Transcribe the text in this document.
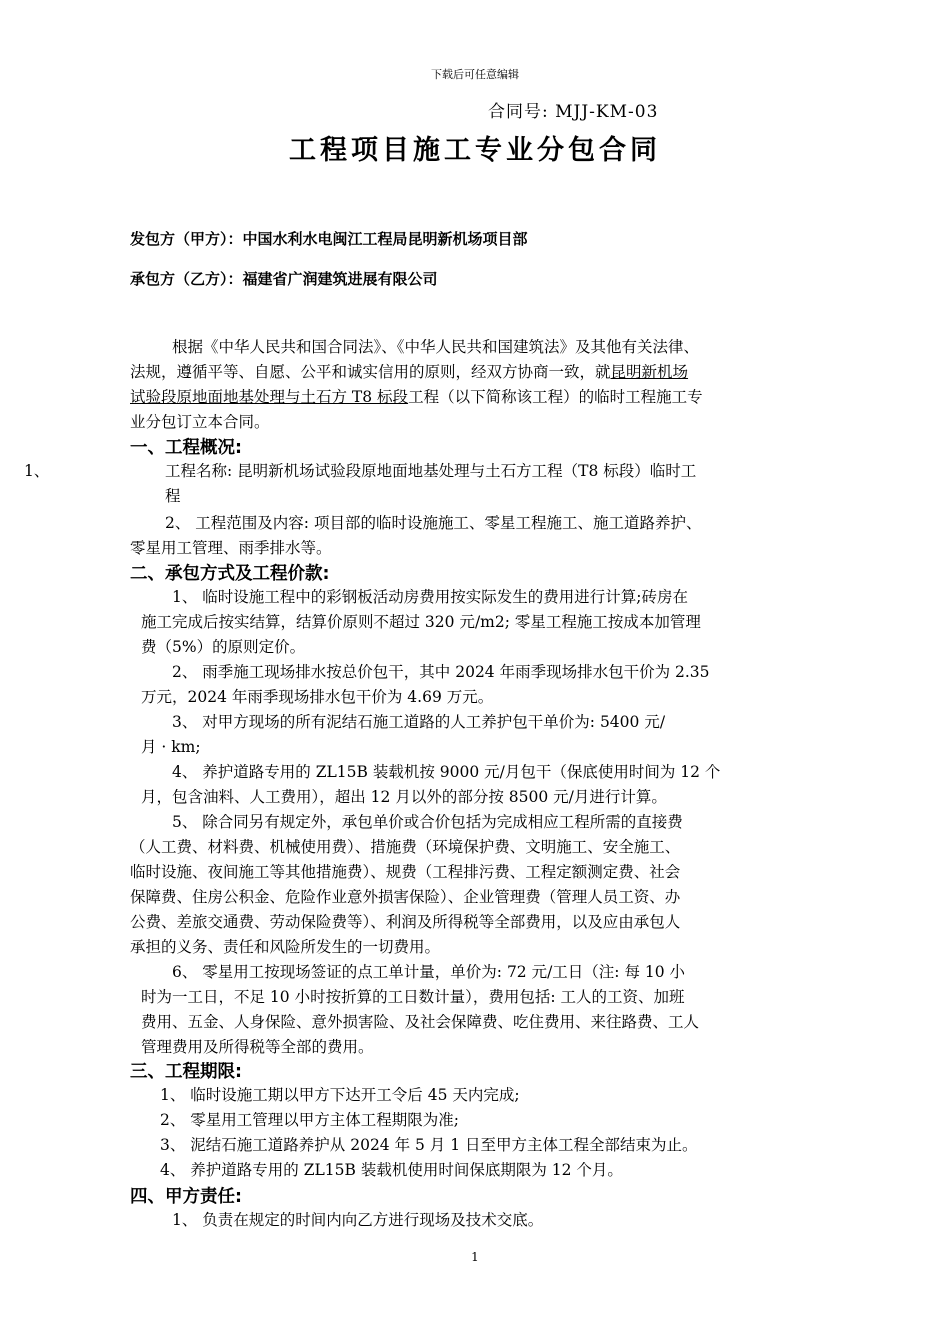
下载后可任意编辑
合同号: MJJ-KM-03
工程项目施工专业分包合同
发包方（甲方）：中国水利水电闽江工程局昆明新机场项目部
承包方（乙方）：福建省广润建筑进展有限公司
根据《中华人民共和国合同法》、《中华人民共和国建筑法》及其他有关法律、
法规，遵循平等、自愿、公平和诚实信用的原则，经双方协商一致，就昆明新机场
试验段原地面地基处理与土石方 T8 标段工程（以下简称该工程）的临时工程施工专
业分包订立本合同。
一、工程概况:
1、	工程名称: 昆明新机场试验段原地面地基处理与土石方工程（T8 标段）临时工
程
2、 工程范围及内容: 项目部的临时设施施工、零星工程施工、施工道路养护、
零星用工管理、雨季排水等。
二、承包方式及工程价款:
1、 临时设施工程中的彩钢板活动房费用按实际发生的费用进行计算;砖房在
施工完成后按实结算，结算价原则不超过 320 元/m2; 零星工程施工按成本加管理
费（5%）的原则定价。
2、 雨季施工现场排水按总价包干，其中 2024 年雨季现场排水包干价为 2.35
万元，2024 年雨季现场排水包干价为 4.69 万元。
3、 对甲方现场的所有泥结石施工道路的人工养护包干单价为: 5400 元/
月 · km;
4、 养护道路专用的 ZL15B 装载机按 9000 元/月包干（保底使用时间为 12 个
月，包含油料、人工费用），超出 12 月以外的部分按 8500 元/月进行计算。
5、 除合同另有规定外，承包单价或合价包括为完成相应工程所需的直接费
（人工费、材料费、机械使用费）、措施费（环境保护费、文明施工、安全施工、
临时设施、夜间施工等其他措施费）、规费（工程排污费、工程定额测定费、社会
保障费、住房公积金、危险作业意外损害保险）、企业管理费（管理人员工资、办
公费、差旅交通费、劳动保险费等）、利润及所得税等全部费用，以及应由承包人
承担的义务、责任和风险所发生的一切费用。
6、 零星用工按现场签证的点工单计量，单价为: 72 元/工日（注: 每 10 小
时为一工日，不足 10 小时按折算的工日数计量），费用包括: 工人的工资、加班
费用、五金、人身保险、意外损害险、及社会保障费、吃住费用、来往路费、工人
管理费用及所得税等全部的费用。
三、工程期限:
1、 临时设施工期以甲方下达开工令后 45 天内完成;
2、 零星用工管理以甲方主体工程期限为准;
3、 泥结石施工道路养护从 2024 年 5 月 1 日至甲方主体工程全部结束为止。
4、 养护道路专用的 ZL15B 装载机使用时间保底期限为 12 个月。
四、甲方责任:
1、 负责在规定的时间内向乙方进行现场及技术交底。
1
